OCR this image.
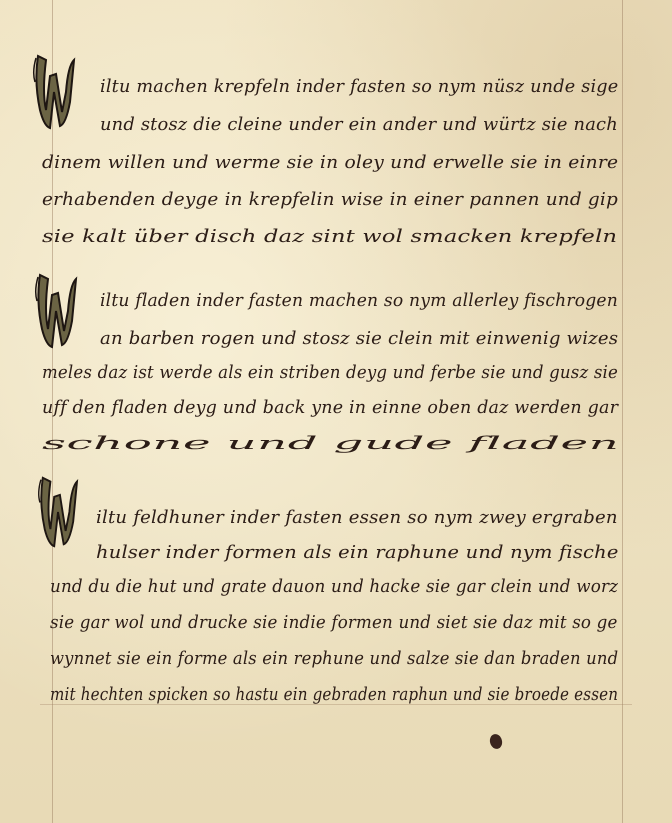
iltu machen krepfeln inder fasten so nym nüsz unde sige
und stosz die cleine under ein ander und würtz sie nach
dinem willen und werme sie in oley und erwelle sie in einre
erhabenden deyge in krepfelin wise in einer pannen und gip
sie kalt über disch daz sint wol smacken krepfeln
iltu fladen inder fasten machen so nym allerley fischrogen
an barben rogen und stosz sie clein mit einwenig wizes
meles daz ist werde als ein striben deyg und ferbe sie und gusz sie
uff den fladen deyg und back yne in einne oben daz werden gar
schone und gude fladen
iltu feldhuner inder fasten essen so nym zwey ergraben
hulser inder formen als ein raphune und nym fische
und du die hut und grate dauon und hacke sie gar clein und worz
sie gar wol und drucke sie indie formen und siet sie daz mit so ge
wynnet sie ein forme als ein rephune und salze sie dan braden und
mit hechten spicken so hastu ein gebraden raphun und sie broede essen
